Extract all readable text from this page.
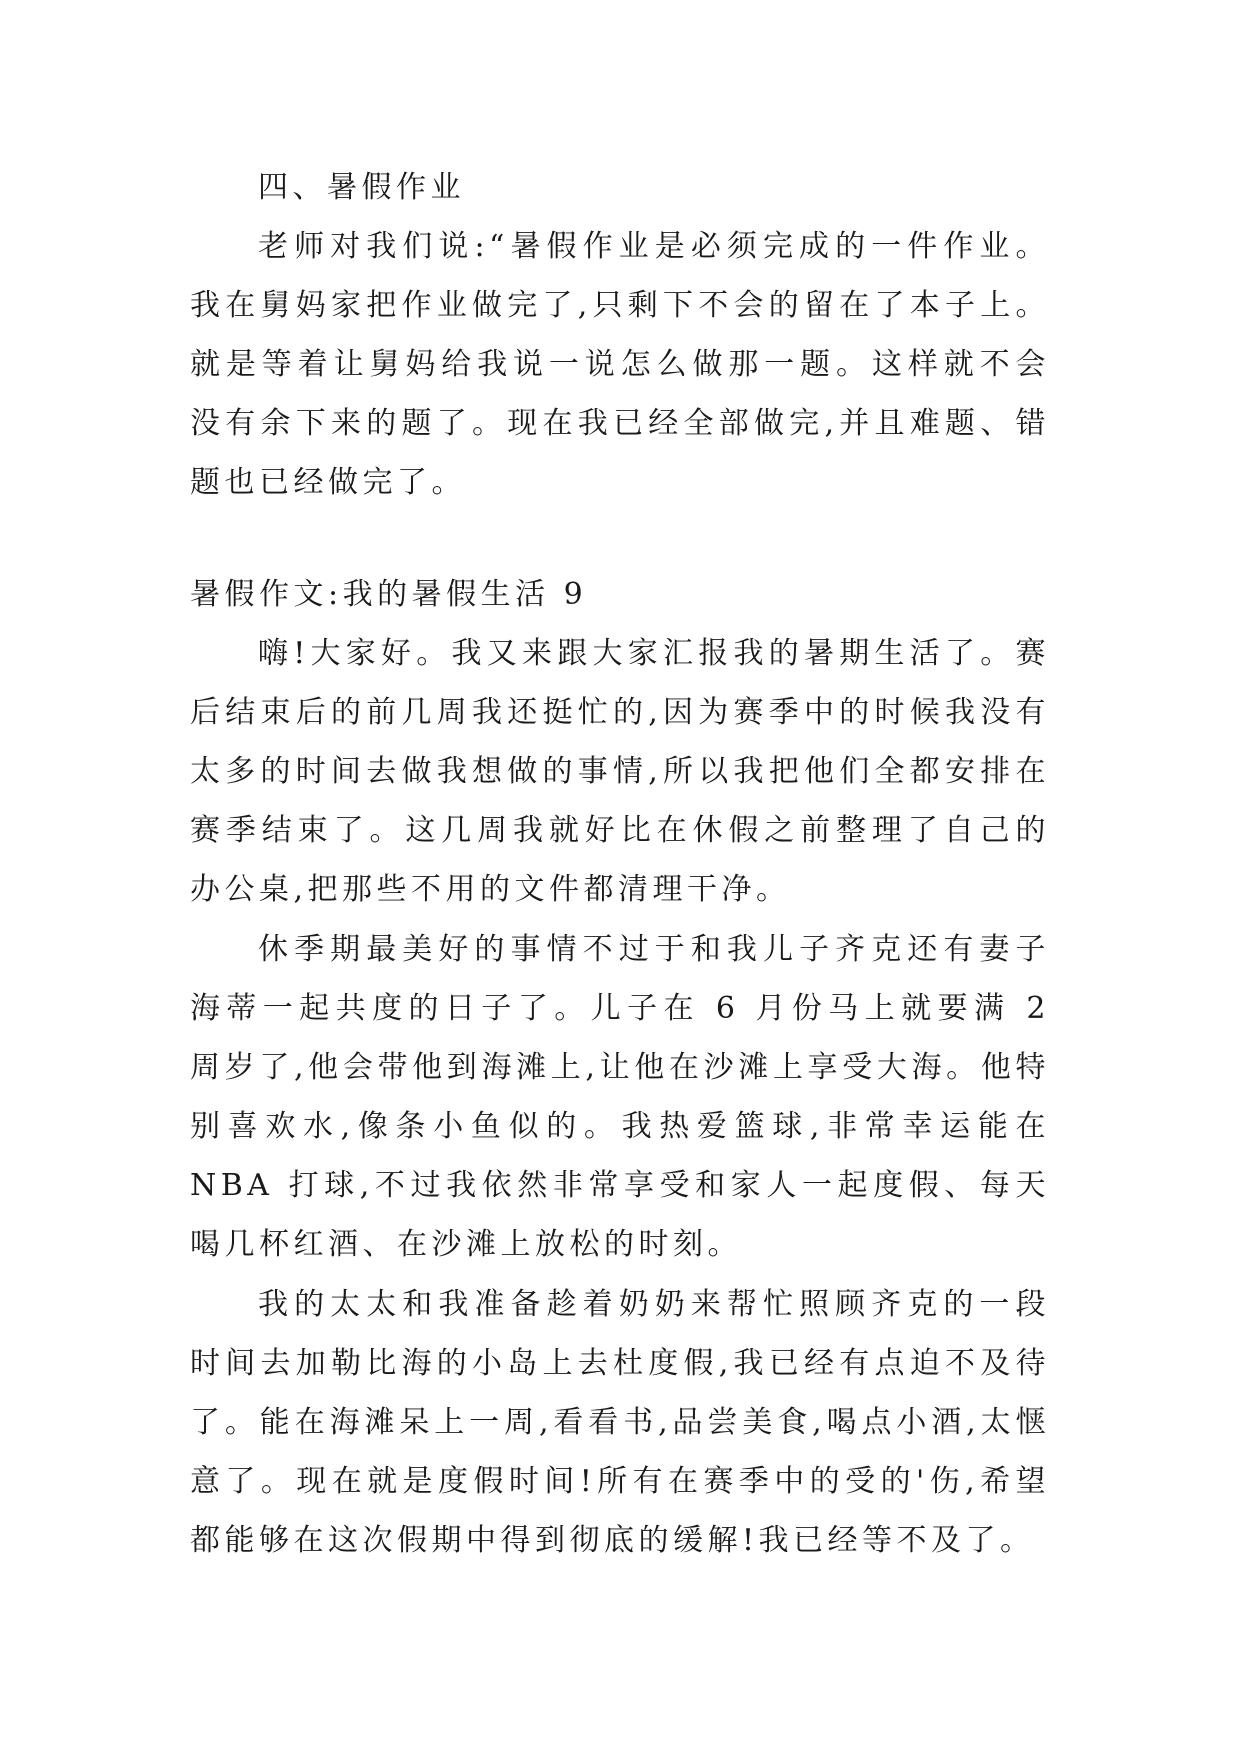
四、暑假作业

老师对我们说:“暑假作业是必须完成的一件作业。我在舅妈家把作业做完了,只剩下不会的留在了本子上。就是等着让舅妈给我说一说怎么做那一题。这样就不会没有余下来的题了。现在我已经全部做完,并且难题、错题也已经做完了。

暑假作文:我的暑假生活 9

嗨!大家好。我又来跟大家汇报我的暑期生活了。赛后结束后的前几周我还挺忙的,因为赛季中的时候我没有太多的时间去做我想做的事情,所以我把他们全都安排在赛季结束了。这几周我就好比在休假之前整理了自己的办公桌,把那些不用的文件都清理干净。

休季期最美好的事情不过于和我儿子齐克还有妻子海蒂一起共度的日子了。儿子在 6 月份马上就要满 2 周岁了,他会带他到海滩上,让他在沙滩上享受大海。他特别喜欢水,像条小鱼似的。我热爱篮球,非常幸运能在 NBA 打球,不过我依然非常享受和家人一起度假、每天喝几杯红酒、在沙滩上放松的时刻。

我的太太和我准备趁着奶奶来帮忙照顾齐克的一段时间去加勒比海的小岛上去杜度假,我已经有点迫不及待了。能在海滩呆上一周,看看书,品尝美食,喝点小酒,太惬意了。现在就是度假时间!所有在赛季中的受的'伤,希望都能够在这次假期中得到彻底的缓解!我已经等不及了。
